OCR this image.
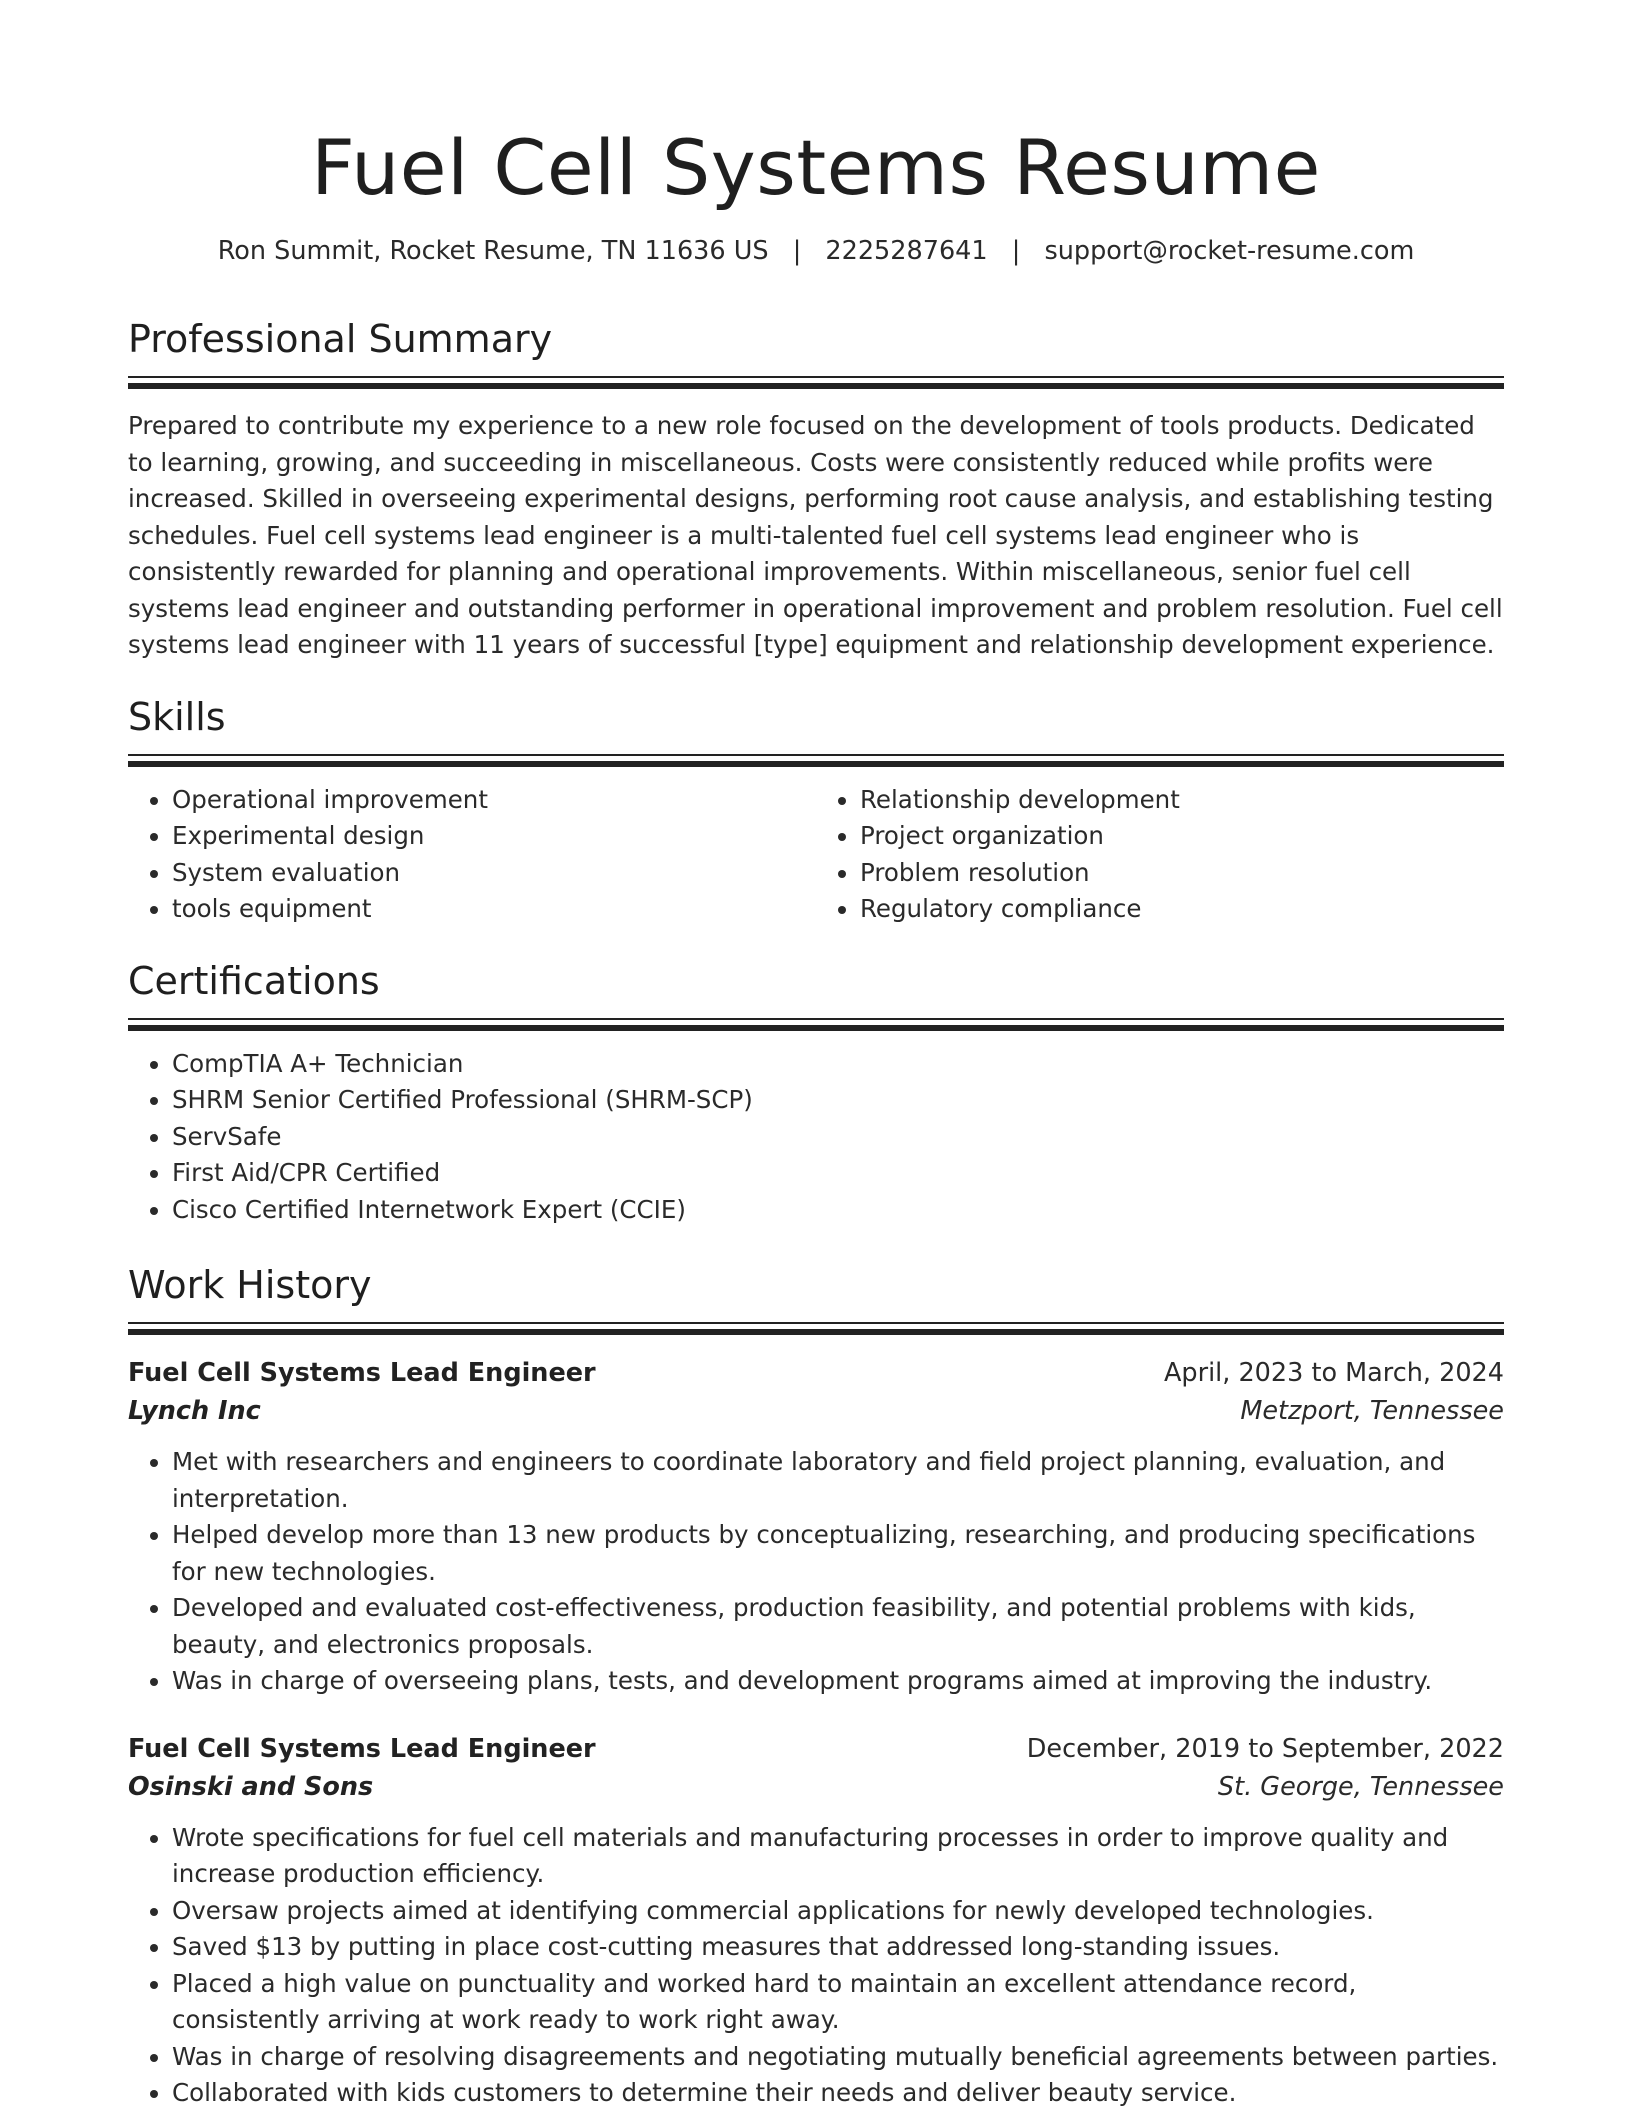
Fuel Cell Systems Resume
Ron Summit, Rocket Resume, TN 11636 US | 2225287641 | support@rocket-resume.com
Professional Summary

Prepared to contribute my experience to a new role focused on the development of tools products. Dedicated to learning, growing, and succeeding in miscellaneous. Costs were consistently reduced while profits were increased. Skilled in overseeing experimental designs, performing root cause analysis, and establishing testing schedules. Fuel cell systems lead engineer is a multi-talented fuel cell systems lead engineer who is consistently rewarded for planning and operational improvements. Within miscellaneous, senior fuel cell systems lead engineer and outstanding performer in operational improvement and problem resolution. Fuel cell systems lead engineer with 11 years of successful [type] equipment and relationship development experience.

Skills
• Operational improvement
• Experimental design
• System evaluation
• tools equipment
• Relationship development
• Project organization
• Problem resolution
• Regulatory compliance
Certifications
• CompTIA A+ Technician
• SHRM Senior Certified Professional (SHRM-SCP)
• ServSafe
• First Aid/CPR Certified
• Cisco Certified Internetwork Expert (CCIE)
Work History
Fuel Cell Systems Lead Engineer	April, 2023 to March, 2024
Lynch Inc	Metzport, Tennessee
• Met with researchers and engineers to coordinate laboratory and field project planning, evaluation, and interpretation.
• Helped develop more than 13 new products by conceptualizing, researching, and producing specifications for new technologies.
• Developed and evaluated cost-effectiveness, production feasibility, and potential problems with kids, beauty, and electronics proposals.
• Was in charge of overseeing plans, tests, and development programs aimed at improving the industry.
Fuel Cell Systems Lead Engineer	December, 2019 to September, 2022
Osinski and Sons	St. George, Tennessee
• Wrote specifications for fuel cell materials and manufacturing processes in order to improve quality and increase production efficiency.
• Oversaw projects aimed at identifying commercial applications for newly developed technologies.
• Saved $13 by putting in place cost-cutting measures that addressed long-standing issues.
• Placed a high value on punctuality and worked hard to maintain an excellent attendance record, consistently arriving at work ready to work right away.
• Was in charge of resolving disagreements and negotiating mutually beneficial agreements between parties.
• Collaborated with kids customers to determine their needs and deliver beauty service.
